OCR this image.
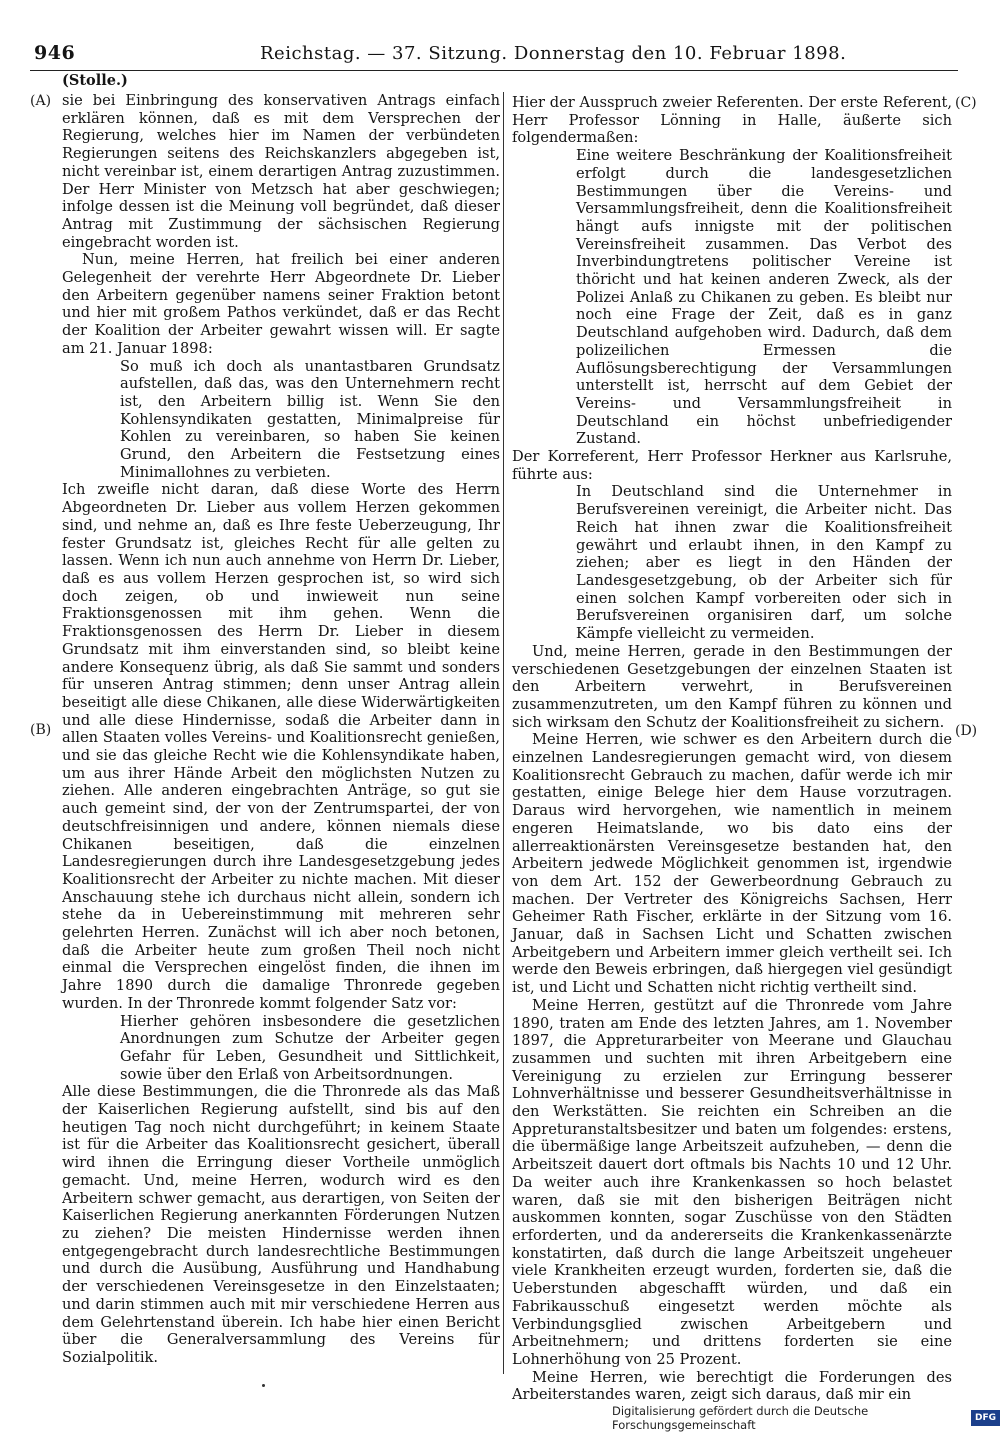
946	Reichstag. — 37. Sitzung. Donnerstag den 10. Februar 1898.
(Stolle.)
(A)
(B)
(C)
(D)

sie bei Einbringung des konservativen Antrags einfach erklären können, daß es mit dem Versprechen der Regierung, welches hier im Namen der verbündeten Regierungen seitens des Reichskanzlers abgegeben ist, nicht vereinbar ist, einem derartigen Antrag zuzustimmen. Der Herr Minister von Metzsch hat aber geschwiegen; infolge dessen ist die Meinung voll begründet, daß dieser Antrag mit Zustimmung der sächsischen Regierung eingebracht worden ist.

Nun, meine Herren, hat freilich bei einer anderen Gelegenheit der verehrte Herr Abgeordnete Dr. Lieber den Arbeitern gegenüber namens seiner Fraktion betont und hier mit großem Pathos verkündet, daß er das Recht der Koalition der Arbeiter gewahrt wissen will. Er sagte am 21. Januar 1898:

So muß ich doch als unantastbaren Grundsatz aufstellen, daß das, was den Unternehmern recht ist, den Arbeitern billig ist. Wenn Sie den Kohlensyndikaten gestatten, Minimalpreise für Kohlen zu vereinbaren, so haben Sie keinen Grund, den Arbeitern die Festsetzung eines Minimallohnes zu verbieten.

Ich zweifle nicht daran, daß diese Worte des Herrn Abgeordneten Dr. Lieber aus vollem Herzen gekommen sind, und nehme an, daß es Ihre feste Ueberzeugung, Ihr fester Grundsatz ist, gleiches Recht für alle gelten zu lassen. Wenn ich nun auch annehme von Herrn Dr. Lieber, daß es aus vollem Herzen gesprochen ist, so wird sich doch zeigen, ob und inwieweit nun seine Fraktionsgenossen mit ihm gehen. Wenn die Fraktionsgenossen des Herrn Dr. Lieber in diesem Grundsatz mit ihm einverstanden sind, so bleibt keine andere Konsequenz übrig, als daß Sie sammt und sonders für unseren Antrag stimmen; denn unser Antrag allein beseitigt alle diese Chikanen, alle diese Widerwärtigkeiten und alle diese Hindernisse, sodaß die Arbeiter dann in allen Staaten volles Vereins- und Koalitionsrecht genießen, und sie das gleiche Recht wie die Kohlensyndikate haben, um aus ihrer Hände Arbeit den möglichsten Nutzen zu ziehen. Alle anderen eingebrachten Anträge, so gut sie auch gemeint sind, der von der Zentrumspartei, der von deutschfreisinnigen und andere, können niemals diese Chikanen beseitigen, daß die einzelnen Landesregierungen durch ihre Landesgesetzgebung jedes Koalitionsrecht der Arbeiter zu nichte machen. Mit dieser Anschauung stehe ich durchaus nicht allein, sondern ich stehe da in Uebereinstimmung mit mehreren sehr gelehrten Herren. Zunächst will ich aber noch betonen, daß die Arbeiter heute zum großen Theil noch nicht einmal die Versprechen eingelöst finden, die ihnen im Jahre 1890 durch die damalige Thronrede gegeben wurden. In der Thronrede kommt folgender Satz vor:

Hierher gehören insbesondere die gesetzlichen Anordnungen zum Schutze der Arbeiter gegen Gefahr für Leben, Gesundheit und Sittlichkeit, sowie über den Erlaß von Arbeitsordnungen.

Alle diese Bestimmungen, die die Thronrede als das Maß der Kaiserlichen Regierung aufstellt, sind bis auf den heutigen Tag noch nicht durchgeführt; in keinem Staate ist für die Arbeiter das Koalitionsrecht gesichert, überall wird ihnen die Erringung dieser Vortheile unmöglich gemacht. Und, meine Herren, wodurch wird es den Arbeitern schwer gemacht, aus derartigen, von Seiten der Kaiserlichen Regierung anerkannten Förderungen Nutzen zu ziehen? Die meisten Hindernisse werden ihnen entgegengebracht durch landesrechtliche Bestimmungen und durch die Ausübung, Ausführung und Handhabung der verschiedenen Vereinsgesetze in den Einzelstaaten; und darin stimmen auch mit mir verschiedene Herren aus dem Gelehrtenstand überein. Ich habe hier einen Bericht über die Generalversammlung des Vereins für Sozialpolitik.

Hier der Ausspruch zweier Referenten. Der erste Referent, Herr Professor Lönning in Halle, äußerte sich folgendermaßen:

Eine weitere Beschränkung der Koalitionsfreiheit erfolgt durch die landesgesetzlichen Bestimmungen über die Vereins- und Versammlungsfreiheit, denn die Koalitionsfreiheit hängt aufs innigste mit der politischen Vereinsfreiheit zusammen. Das Verbot des Inverbindungtretens politischer Vereine ist thöricht und hat keinen anderen Zweck, als der Polizei Anlaß zu Chikanen zu geben. Es bleibt nur noch eine Frage der Zeit, daß es in ganz Deutschland aufgehoben wird. Dadurch, daß dem polizeilichen Ermessen die Auflösungsberechtigung der Versammlungen unterstellt ist, herrscht auf dem Gebiet der Vereins- und Versammlungsfreiheit in Deutschland ein höchst unbefriedigender Zustand.

Der Korreferent, Herr Professor Herkner aus Karlsruhe, führte aus:

In Deutschland sind die Unternehmer in Berufsvereinen vereinigt, die Arbeiter nicht. Das Reich hat ihnen zwar die Koalitionsfreiheit gewährt und erlaubt ihnen, in den Kampf zu ziehen; aber es liegt in den Händen der Landesgesetzgebung, ob der Arbeiter sich für einen solchen Kampf vorbereiten oder sich in Berufsvereinen organisiren darf, um solche Kämpfe vielleicht zu vermeiden.

Und, meine Herren, gerade in den Bestimmungen der verschiedenen Gesetzgebungen der einzelnen Staaten ist den Arbeitern verwehrt, in Berufsvereinen zusammenzutreten, um den Kampf führen zu können und sich wirksam den Schutz der Koalitionsfreiheit zu sichern.

Meine Herren, wie schwer es den Arbeitern durch die einzelnen Landesregierungen gemacht wird, von diesem Koalitionsrecht Gebrauch zu machen, dafür werde ich mir gestatten, einige Belege hier dem Hause vorzutragen. Daraus wird hervorgehen, wie namentlich in meinem engeren Heimatslande, wo bis dato eins der allerreaktionärsten Vereinsgesetze bestanden hat, den Arbeitern jedwede Möglichkeit genommen ist, irgendwie von dem Art. 152 der Gewerbeordnung Gebrauch zu machen. Der Vertreter des Königreichs Sachsen, Herr Geheimer Rath Fischer, erklärte in der Sitzung vom 16. Januar, daß in Sachsen Licht und Schatten zwischen Arbeitgebern und Arbeitern immer gleich vertheilt sei. Ich werde den Beweis erbringen, daß hiergegen viel gesündigt ist, und Licht und Schatten nicht richtig vertheilt sind.

Meine Herren, gestützt auf die Thronrede vom Jahre 1890, traten am Ende des letzten Jahres, am 1. November 1897, die Appreturarbeiter von Meerane und Glauchau zusammen und suchten mit ihren Arbeitgebern eine Vereinigung zu erzielen zur Erringung besserer Lohnverhältnisse und besserer Gesundheitsverhältnisse in den Werkstätten. Sie reichten ein Schreiben an die Appreturanstaltsbesitzer und baten um folgendes: erstens, die übermäßige lange Arbeitszeit aufzuheben, — denn die Arbeitszeit dauert dort oftmals bis Nachts 10 und 12 Uhr. Da weiter auch ihre Krankenkassen so hoch belastet waren, daß sie mit den bisherigen Beiträgen nicht auskommen konnten, sogar Zuschüsse von den Städten erforderten, und da andererseits die Krankenkassenärzte konstatirten, daß durch die lange Arbeitszeit ungeheuer viele Krankheiten erzeugt wurden, forderten sie, daß die Ueberstunden abgeschafft würden, und daß ein Fabrikausschuß eingesetzt werden möchte als Verbindungsglied zwischen Arbeitgebern und Arbeitnehmern; und drittens forderten sie eine Lohnerhöhung von 25 Prozent.

Meine Herren, wie berechtigt die Forderungen des Arbeiterstandes waren, zeigt sich daraus, daß mir ein

Digitalisierung gefördert durch die Deutsche Forschungsgemeinschaft	DFG
